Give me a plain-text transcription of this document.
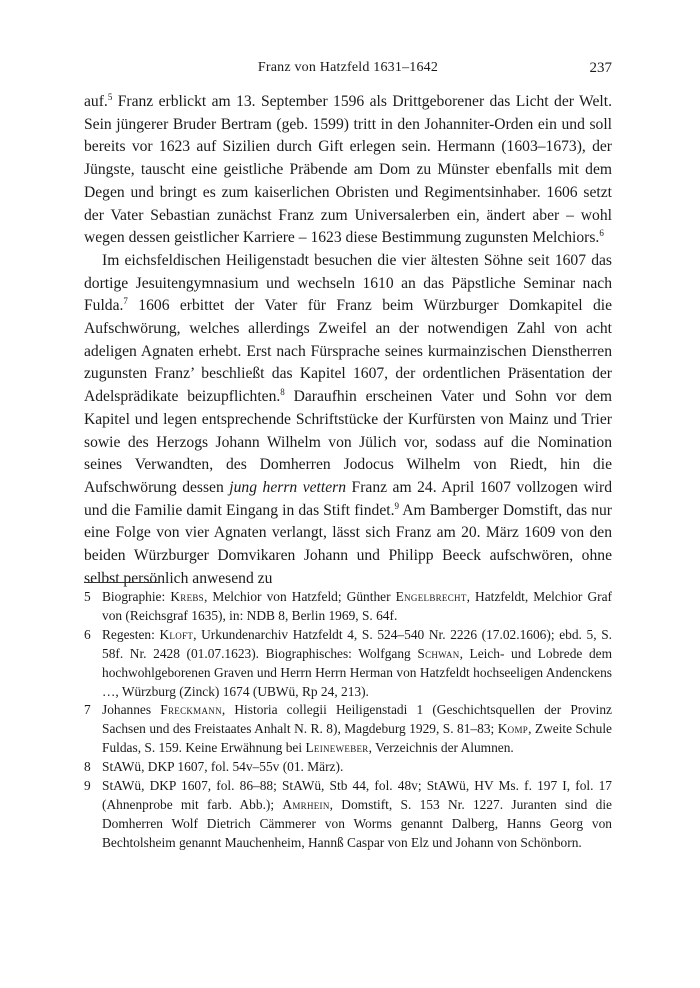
Franz von Hatzfeld 1631–1642	237

auf.$^5$ Franz erblickt am 13. September 1596 als Drittgeborener das Licht der Welt. Sein jüngerer Bruder Bertram (geb. 1599) tritt in den Johanniter-Orden ein und soll bereits vor 1623 auf Sizilien durch Gift erlegen sein. Hermann (1603–1673), der Jüngste, tauscht eine geistliche Präbende am Dom zu Münster ebenfalls mit dem Degen und bringt es zum kaiserlichen Obristen und Regimentsinhaber. 1606 setzt der Vater Sebastian zunächst Franz zum Universalerben ein, ändert aber – wohl wegen dessen geistlicher Karriere – 1623 diese Bestimmung zugunsten Melchiors.$^6$

Im eichsfeldischen Heiligenstadt besuchen die vier ältesten Söhne seit 1607 das dortige Jesuitengymnasium und wechseln 1610 an das Päpstliche Seminar nach Fulda.$^7$ 1606 erbittet der Vater für Franz beim Würzburger Domkapitel die Aufschwörung, welches allerdings Zweifel an der notwendigen Zahl von acht adeligen Agnaten erhebt. Erst nach Fürsprache seines kurmainzischen Dienstherren zugunsten Franz’ beschließt das Kapitel 1607, der ordentlichen Präsentation der Adelsprädikate beizupflichten.$^8$ Daraufhin erscheinen Vater und Sohn vor dem Kapitel und legen entsprechende Schriftstücke der Kurfürsten von Mainz und Trier sowie des Herzogs Johann Wilhelm von Jülich vor, sodass auf die Nomination seines Verwandten, des Domherren Jodocus Wilhelm von Riedt, hin die Aufschwörung dessen jung herrn vettern Franz am 24. April 1607 vollzogen wird und die Familie damit Eingang in das Stift findet.$^9$ Am Bamberger Domstift, das nur eine Folge von vier Agnaten verlangt, lässt sich Franz am 20. März 1609 von den beiden Würzburger Domvikaren Johann und Philipp Beeck aufschwören, ohne selbst persönlich anwesend zu

5 Biographie: Krebs, Melchior von Hatzfeld; Günther Engelbrecht, Hatzfeldt, Melchior Graf von (Reichsgraf 1635), in: NDB 8, Berlin 1969, S. 64f.
6 Regesten: Kloft, Urkundenarchiv Hatzfeldt 4, S. 524–540 Nr. 2226 (17.02.1606); ebd. 5, S. 58f. Nr. 2428 (01.07.1623). Biographisches: Wolfgang Schwan, Leich- und Lobrede dem hochwohlgeborenen Graven und Herrn Herrn Herman von Hatzfeldt hochseeligen Andenckens …, Würzburg (Zinck) 1674 (UBWü, Rp 24, 213).
7 Johannes Freckmann, Historia collegii Heiligenstadi 1 (Geschichtsquellen der Provinz Sachsen und des Freistaates Anhalt N. R. 8), Magdeburg 1929, S. 81–83; Komp, Zweite Schule Fuldas, S. 159. Keine Erwähnung bei Leineweber, Verzeichnis der Alumnen.
8 StAWü, DKP 1607, fol. 54v–55v (01. März).
9 StAWü, DKP 1607, fol. 86–88; StAWü, Stb 44, fol. 48v; StAWü, HV Ms. f. 197 I, fol. 17 (Ahnenprobe mit farb. Abb.); Amrhein, Domstift, S. 153 Nr. 1227. Juranten sind die Domherren Wolf Dietrich Cämmerer von Worms genannt Dalberg, Hanns Georg von Bechtolsheim genannt Mauchenheim, Hannß Caspar von Elz und Johann von Schönborn.
